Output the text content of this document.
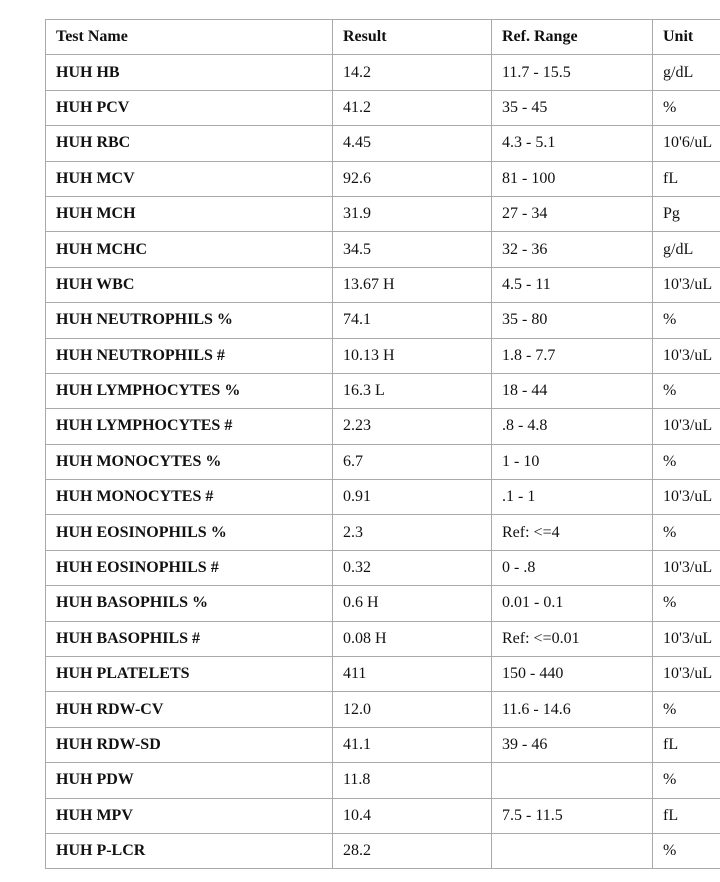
Test Name	Result	Ref. Range	Unit
HUH HB	14.2	11.7 - 15.5	g/dL
HUH PCV	41.2	35 - 45	%
HUH RBC	4.45	4.3 - 5.1	10'6/uL
HUH MCV	92.6	81 - 100	fL
HUH MCH	31.9	27 - 34	Pg
HUH MCHC	34.5	32 - 36	g/dL
HUH WBC	13.67 H	4.5 - 11	10'3/uL
HUH NEUTROPHILS %	74.1	35 - 80	%
HUH NEUTROPHILS #	10.13 H	1.8 - 7.7	10'3/uL
HUH LYMPHOCYTES %	16.3 L	18 - 44	%
HUH LYMPHOCYTES #	2.23	.8 - 4.8	10'3/uL
HUH MONOCYTES %	6.7	1 - 10	%
HUH MONOCYTES #	0.91	.1 - 1	10'3/uL
HUH EOSINOPHILS %	2.3	Ref: <=4	%
HUH EOSINOPHILS #	0.32	0 - .8	10'3/uL
HUH BASOPHILS %	0.6 H	0.01 - 0.1	%
HUH BASOPHILS #	0.08 H	Ref: <=0.01	10'3/uL
HUH PLATELETS	411	150 - 440	10'3/uL
HUH RDW-CV	12.0	11.6 - 14.6	%
HUH RDW-SD	41.1	39 - 46	fL
HUH PDW	11.8		%
HUH MPV	10.4	7.5 - 11.5	fL
HUH P-LCR	28.2		%
